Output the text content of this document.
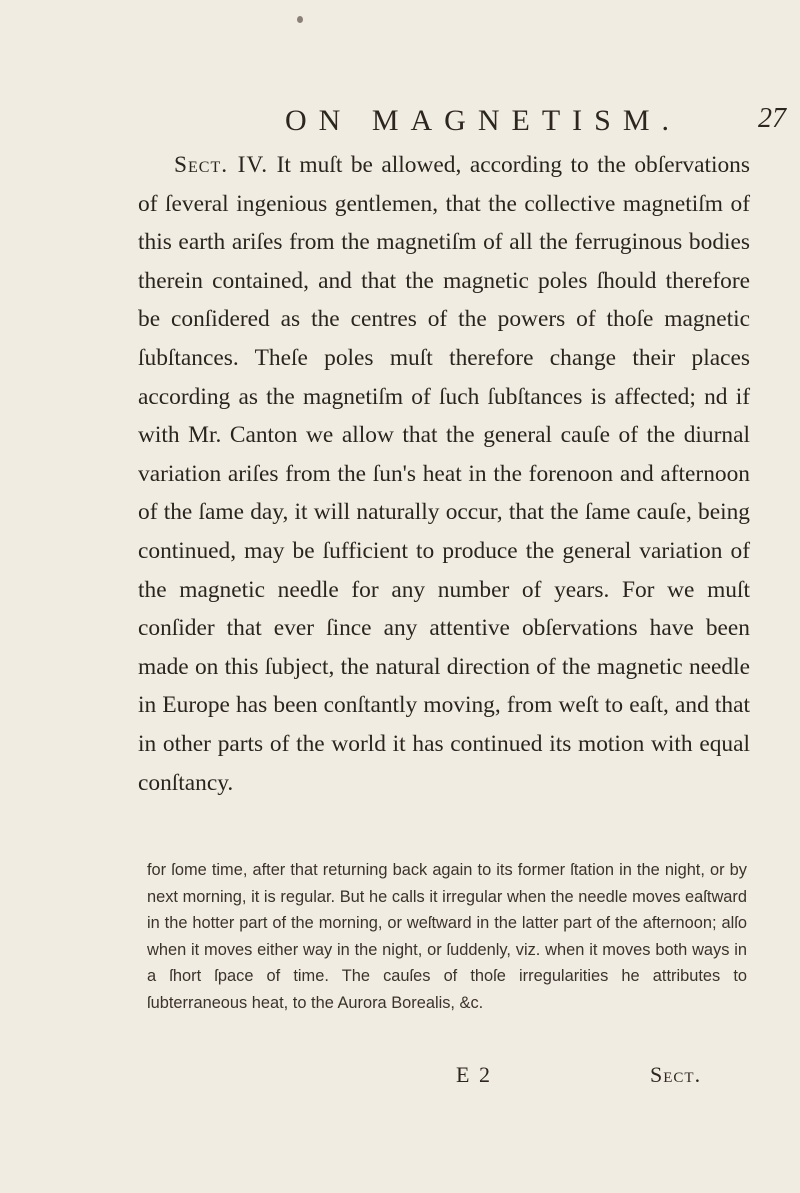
ON MAGNETISM.	27
Sect. IV. It muſt be allowed, according to the obſervations of ſeveral ingenious gentlemen, that the collective magnetiſm of this earth ariſes from the magnetiſm of all the ferruginous bodies therein contained, and that the magnetic poles ſhould therefore be conſidered as the centres of the powers of thoſe magnetic ſubſtances. Theſe poles muſt therefore change their places according as the magnetiſm of ſuch ſubſtances is affected; nd if with Mr. Canton we allow that the general cauſe of the diurnal variation ariſes from the ſun's heat in the forenoon and afternoon of the ſame day, it will naturally occur, that the ſame cauſe, being continued, may be ſufficient to produce the general variation of the magnetic needle for any number of years. For we muſt conſider that ever ſince any attentive obſervations have been made on this ſubject, the natural direction of the magnetic needle in Europe has been conſtantly moving, from weſt to eaſt, and that in other parts of the world it has continued its motion with equal conſtancy.
for ſome time, after that returning back again to its former ſtation in the night, or by next morning, it is regular. But he calls it irregular when the needle moves eaſtward in the hotter part of the morning, or weſtward in the latter part of the afternoon; alſo when it moves either way in the night, or ſuddenly, viz. when it moves both ways in a ſhort ſpace of time. The cauſes of thoſe irregularities he attributes to ſubterraneous heat, to the Aurora Borealis, &c.
E 2	Sect.
